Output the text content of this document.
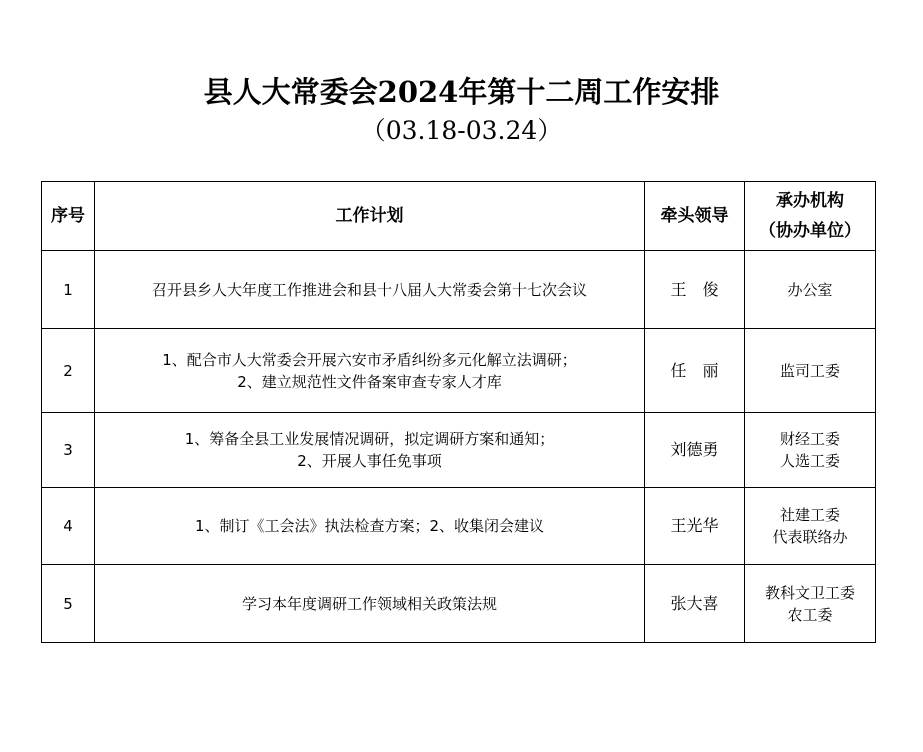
县人大常委会2024年第十二周工作安排
（03.18-03.24）
序号	工作计划	牵头领导	承办机构
（协办单位）

1	召开县乡人大年度工作推进会和县十八届人大常委会第十七次会议	王　俊	办公室

2	1、配合市人大常委会开展六安市矛盾纠纷多元化解立法调研；
2、建立规范性文件备案审查专家人才库	任　丽	监司工委

3	1、筹备全县工业发展情况调研，拟定调研方案和通知；
2、开展人事任免事项	刘德勇	财经工委
人选工委

4	1、制订《工会法》执法检查方案；2、收集闭会建议	王光华	社建工委
代表联络办

5	学习本年度调研工作领域相关政策法规	张大喜	教科文卫工委
农工委
